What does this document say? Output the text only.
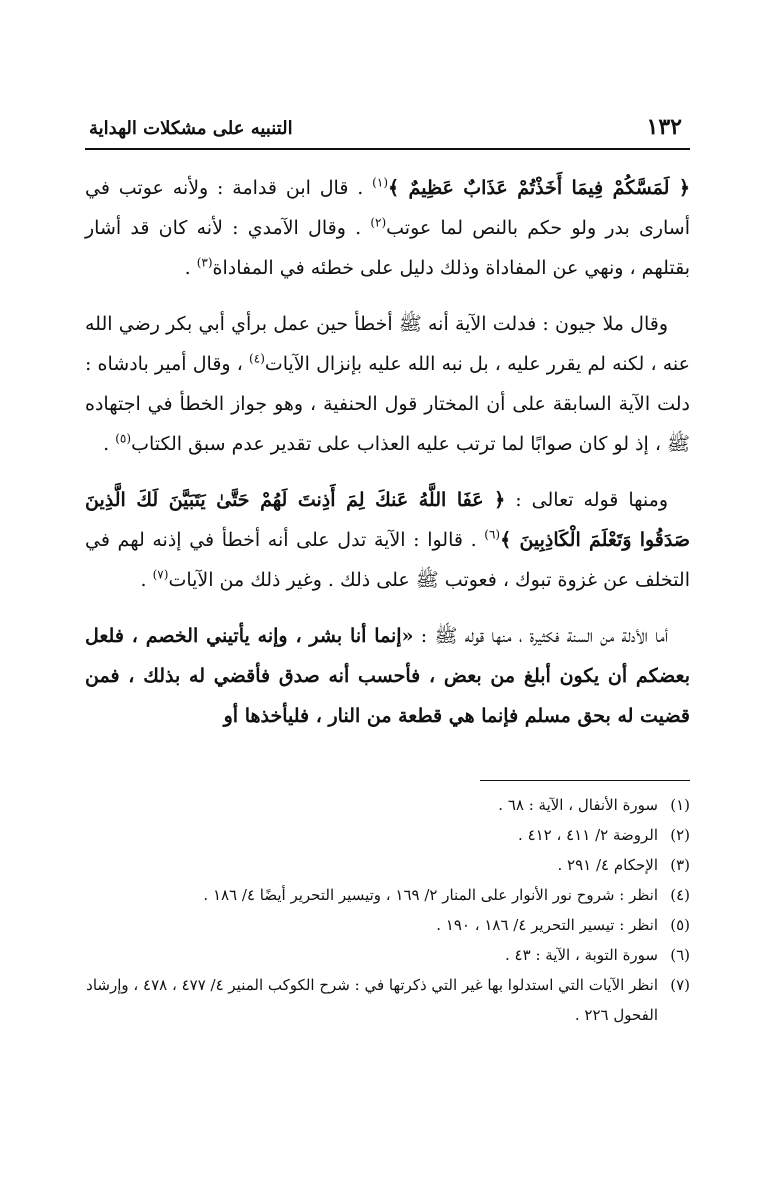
١٣٢
التنبيه على مشكلات الهداية

﴿ لَمَسَّكُمْ فِيمَا أَخَذْتُمْ عَذَابٌ عَظِيمٌ ﴾$^{(١)}$ . قال ابن قدامة : ولأنه عوتب في أسارى بدر ولو حكم بالنص لما عوتب$^{(٢)}$ . وقال الآمدي : لأنه كان قد أشار بقتلهم ، ونهي عن المفاداة وذلك دليل على خطئه في المفاداة$^{(٣)}$ .

وقال ملا جيون : فدلت الآية أنه ﷺ أخطأ حين عمل برأي أبي بكر رضي الله عنه ، لكنه لم يقرر عليه ، بل نبه الله عليه بإنزال الآيات$^{(٤)}$ ، وقال أمير بادشاه : دلت الآية السابقة على أن المختار قول الحنفية ، وهو جواز الخطأ في اجتهاده ﷺ ، إذ لو كان صوابًا لما ترتب عليه العذاب على تقدير عدم سبق الكتاب$^{(٥)}$ .

ومنها قوله تعالى : ﴿ عَفَا اللَّهُ عَنكَ لِمَ أَذِنتَ لَهُمْ حَتَّىٰ يَتَبَيَّنَ لَكَ الَّذِينَ صَدَقُوا وَتَعْلَمَ الْكَاذِبِينَ ﴾$^{(٦)}$ . قالوا : الآية تدل على أنه أخطأ في إذنه لهم في التخلف عن غزوة تبوك ، فعوتب ﷺ على ذلك . وغير ذلك من الآيات$^{(٧)}$ .

أما الأدلة من السنة فكثيرة ، منها قوله ﷺ : «إنما أنا بشر ، وإنه يأتيني الخصم ، فلعل بعضكم أن يكون أبلغ من بعض ، فأحسب أنه صدق فأقضي له بذلك ، فمن قضيت له بحق مسلم فإنما هي قطعة من النار ، فليأخذها أو

(١)
سورة الأنفال ، الآية : ٦٨ .
(٢)
الروضة ٢/ ٤١١ ، ٤١٢ .
(٣)
الإحكام ٤/ ٢٩١ .
(٤)
انظر : شروح نور الأنوار على المنار ٢/ ١٦٩ ، وتيسير التحرير أيضًا ٤/ ١٨٦ .
(٥)
انظر : تيسير التحرير ٤/ ١٨٦ ، ١٩٠ .
(٦)
سورة التوبة ، الآية : ٤٣ .
(٧)
انظر الآيات التي استدلوا بها غير التي ذكرتها في : شرح الكوكب المنير ٤/ ٤٧٧ ، ٤٧٨ ، وإرشاد الفحول ٢٢٦ .
